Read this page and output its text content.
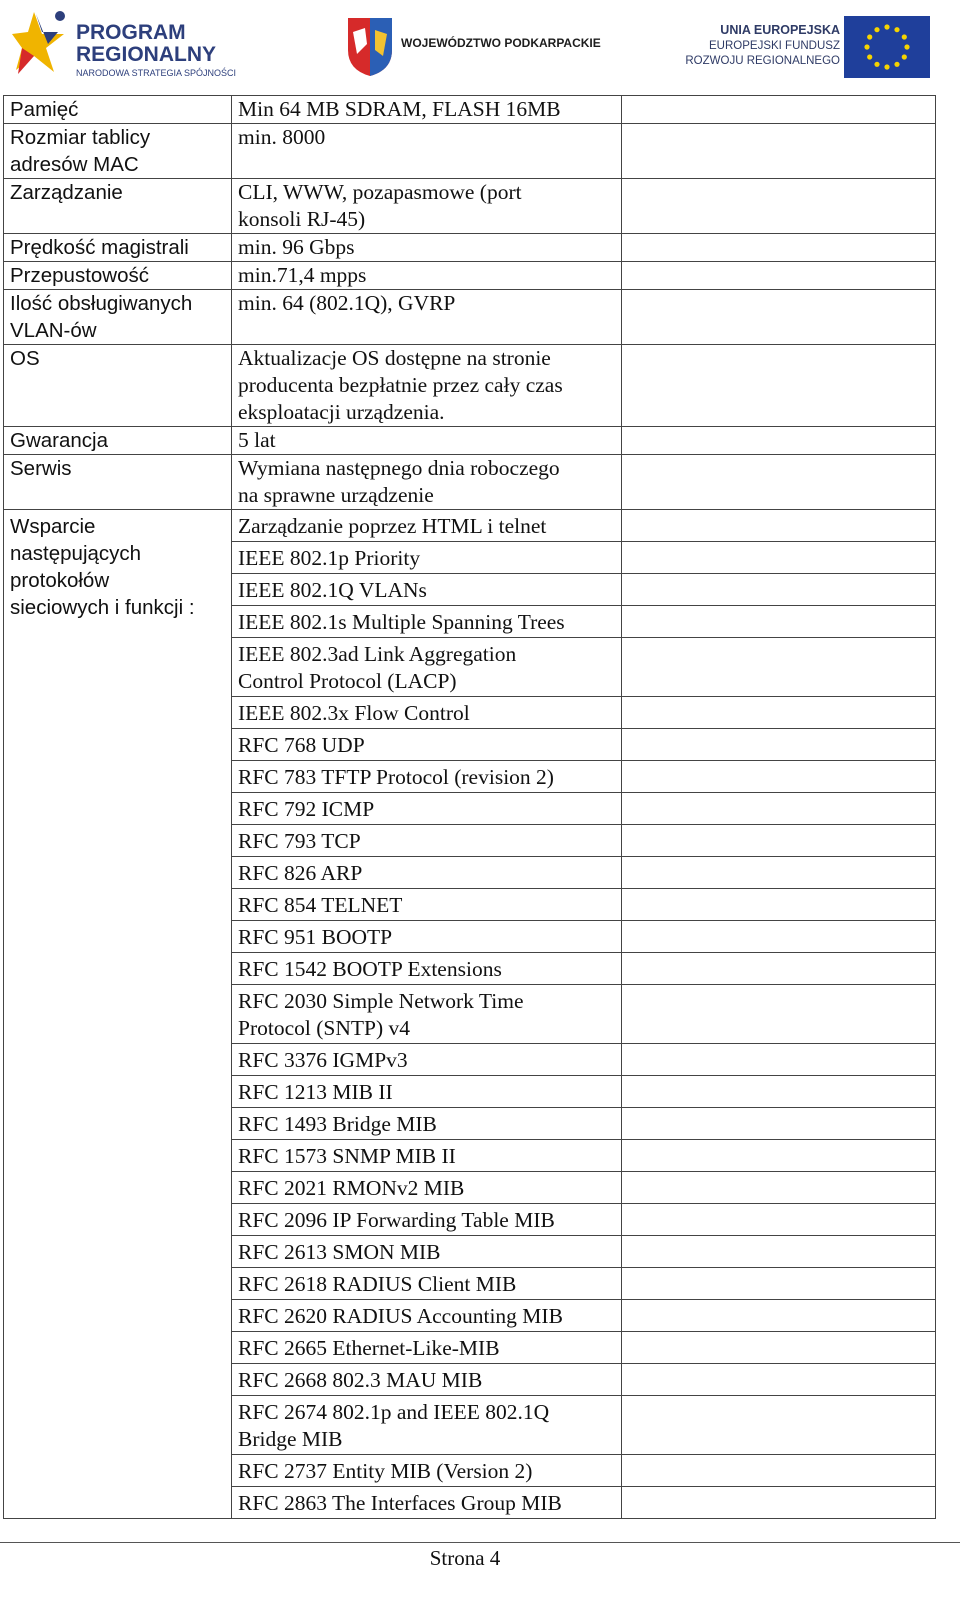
PROGRAM
REGIONALNY
NARODOWA STRATEGIA SPÓJNOŚCI
WOJEWÓDZTWO PODKARPACKIE
UNIA EUROPEJSKA
EUROPEJSKI FUNDUSZ
ROZWOJU REGIONALNEGO
Pamięć	Min 64 MB SDRAM, FLASH 16MB	
Rozmiar tablicy
adresów MAC	min. 8000	
Zarządzanie	CLI, WWW, pozapasmowe (port
konsoli RJ-45)	
Prędkość magistrali	min. 96 Gbps	
Przepustowość	min.71,4 mpps	
Ilość obsługiwanych
VLAN-ów	min. 64 (802.1Q), GVRP	
OS	Aktualizacje OS dostępne na stronie
producenta bezpłatnie przez cały czas
eksploatacji urządzenia.	
Gwarancja	5 lat	
Serwis	Wymiana następnego dnia roboczego
na sprawne urządzenie	
Wsparcie
następujących
protokołów
sieciowych i funkcji :	Zarządzanie poprzez HTML i telnet	
	IEEE 802.1p Priority	
	IEEE 802.1Q VLANs	
	IEEE 802.1s Multiple Spanning Trees	
	IEEE 802.3ad Link Aggregation
Control Protocol (LACP)	
	IEEE 802.3x Flow Control	
	RFC 768 UDP	
	RFC 783 TFTP Protocol (revision 2)	
	RFC 792 ICMP	
	RFC 793 TCP	
	RFC 826 ARP	
	RFC 854 TELNET	
	RFC 951 BOOTP	
	RFC 1542 BOOTP Extensions	
	RFC 2030 Simple Network Time
Protocol (SNTP) v4	
	RFC 3376 IGMPv3	
	RFC 1213 MIB II	
	RFC 1493 Bridge MIB	
	RFC 1573 SNMP MIB II	
	RFC 2021 RMONv2 MIB	
	RFC 2096 IP Forwarding Table MIB	
	RFC 2613 SMON MIB	
	RFC 2618 RADIUS Client MIB	
	RFC 2620 RADIUS Accounting MIB	
	RFC 2665 Ethernet-Like-MIB	
	RFC 2668 802.3 MAU MIB	
	RFC 2674 802.1p and IEEE 802.1Q
Bridge MIB	
	RFC 2737 Entity MIB (Version 2)	
	RFC 2863 The Interfaces Group MIB	
Strona 4
